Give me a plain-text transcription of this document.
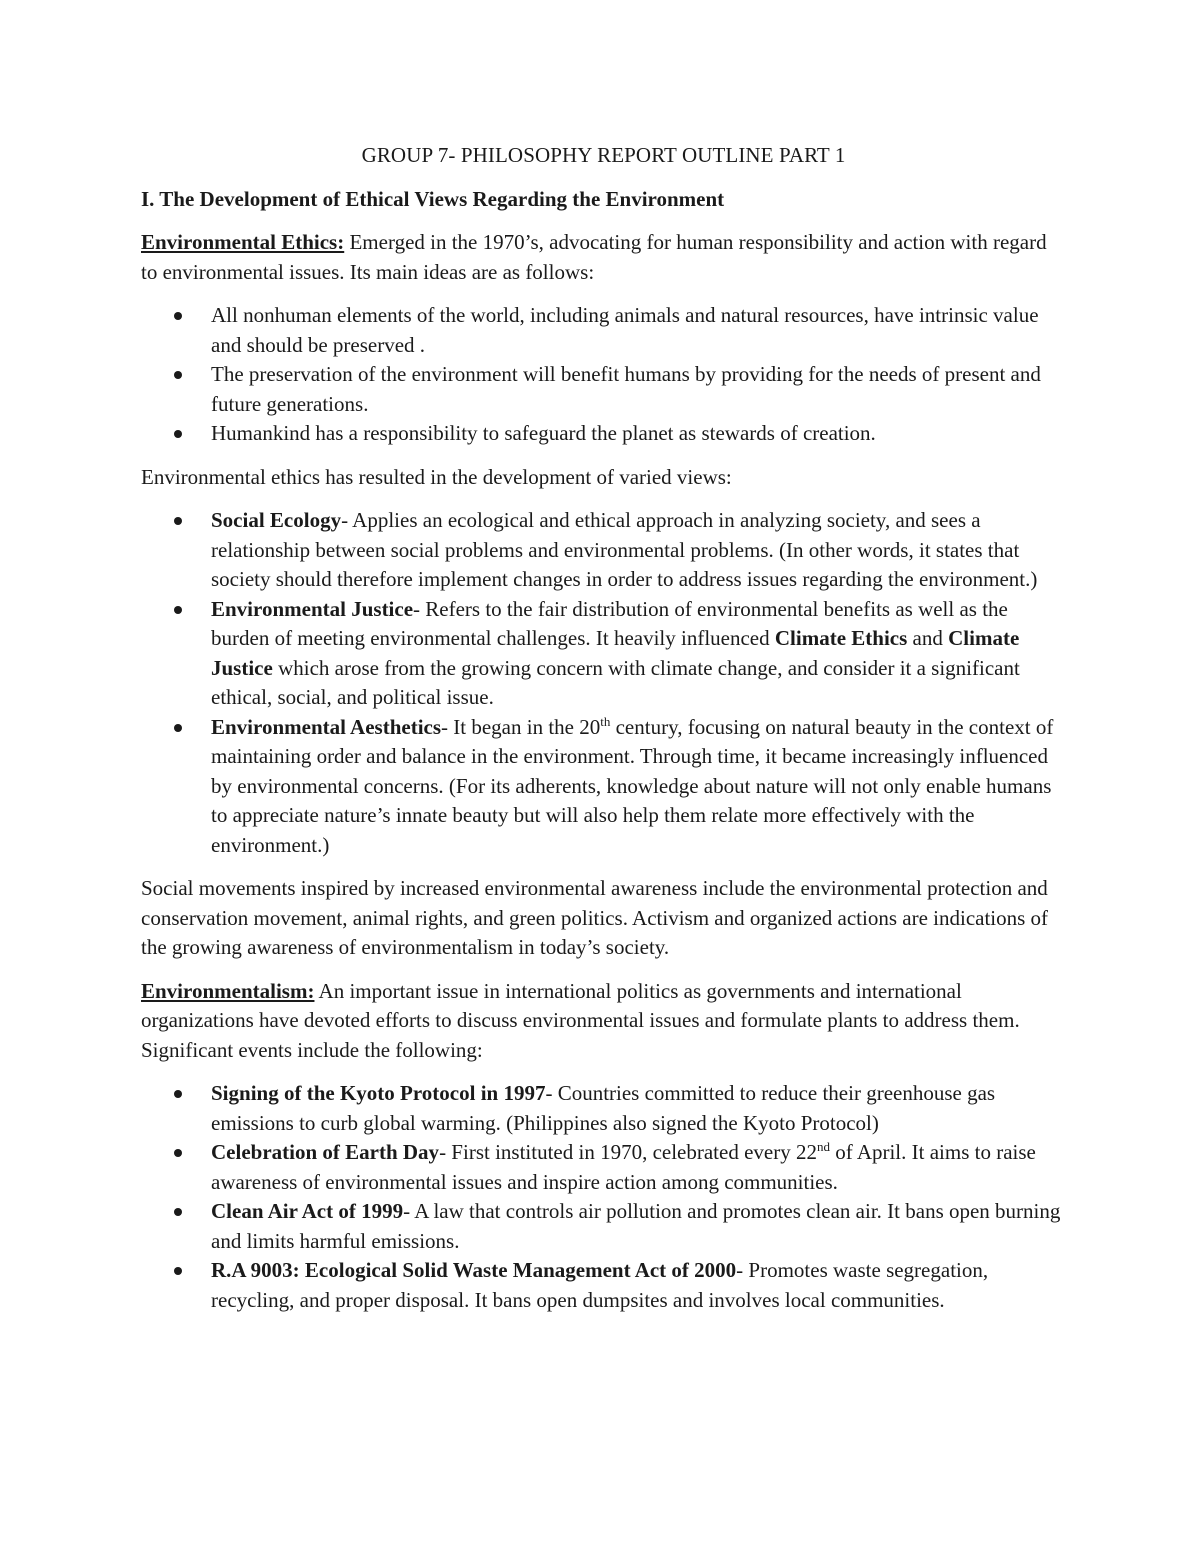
GROUP 7- PHILOSOPHY REPORT OUTLINE PART 1
I. The Development of Ethical Views Regarding the Environment

Environmental Ethics: Emerged in the 1970’s, advocating for human responsibility and action with regard to environmental issues. Its main ideas are as follows:

All nonhuman elements of the world, including animals and natural resources, have intrinsic value and should be preserved .
The preservation of the environment will benefit humans by providing for the needs of present and future generations.
Humankind has a responsibility to safeguard the planet as stewards of creation.

Environmental ethics has resulted in the development of varied views:

Social Ecology- Applies an ecological and ethical approach in analyzing society, and sees a relationship between social problems and environmental problems. (In other words, it states that society should therefore implement changes in order to address issues regarding the environment.)
Environmental Justice- Refers to the fair distribution of environmental benefits as well as the burden of meeting environmental challenges. It heavily influenced Climate Ethics and Climate Justice which arose from the growing concern with climate change, and consider it a significant ethical, social, and political issue.
Environmental Aesthetics- It began in the 20th century, focusing on natural beauty in the context of maintaining order and balance in the environment. Through time, it became increasingly influenced by environmental concerns. (For its adherents, knowledge about nature will not only enable humans to appreciate nature’s innate beauty but will also help them relate more effectively with the environment.)

Social movements inspired by increased environmental awareness include the environmental protection and conservation movement, animal rights, and green politics. Activism and organized actions are indications of the growing awareness of environmentalism in today’s society.

Environmentalism: An important issue in international politics as governments and international organizations have devoted efforts to discuss environmental issues and formulate plants to address them. Significant events include the following:

Signing of the Kyoto Protocol in 1997- Countries committed to reduce their greenhouse gas emissions to curb global warming. (Philippines also signed the Kyoto Protocol)
Celebration of Earth Day- First instituted in 1970, celebrated every 22nd of April. It aims to raise awareness of environmental issues and inspire action among communities.
Clean Air Act of 1999- A law that controls air pollution and promotes clean air. It bans open burning and limits harmful emissions.
R.A 9003: Ecological Solid Waste Management Act of 2000- Promotes waste segregation, recycling, and proper disposal. It bans open dumpsites and involves local communities.
